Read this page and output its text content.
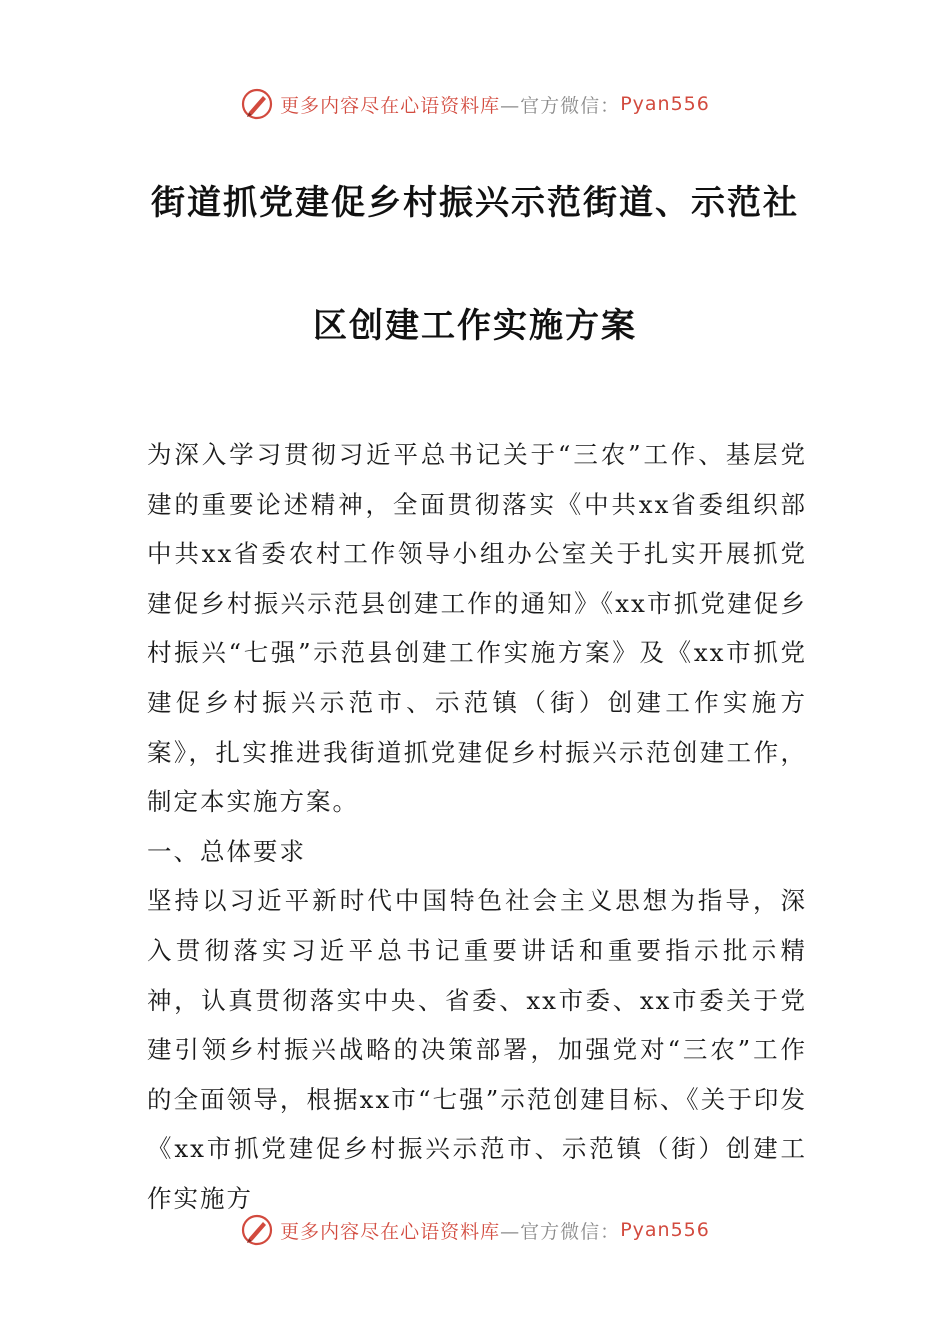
更多内容尽在心语资料库 —官方微信： Pyan556
街道抓党建促乡村振兴示范街道、示范社
区创建工作实施方案

为深入学习贯彻习近平总书记关于“三农”工作、基层党建的重要论述精神，全面贯彻落实《中共xx省委组织部中共xx省委农村工作领导小组办公室关于扎实开展抓党建促乡村振兴示范县创建工作的通知》《xx市抓党建促乡村振兴“七强”示范县创建工作实施方案》及《xx市抓党建促乡村振兴示范市、示范镇（街）创建工作实施方案》，扎实推进我街道抓党建促乡村振兴示范创建工作，制定本实施方案。

一、总体要求

坚持以习近平新时代中国特色社会主义思想为指导，深入贯彻落实习近平总书记重要讲话和重要指示批示精神，认真贯彻落实中央、省委、xx市委、xx市委关于党建引领乡村振兴战略的决策部署，加强党对“三农”工作的全面领导，根据xx市“七强”示范创建目标、《关于印发《xx市抓党建促乡村振兴示范市、示范镇（街）创建工作实施方

更多内容尽在心语资料库 —官方微信： Pyan556
